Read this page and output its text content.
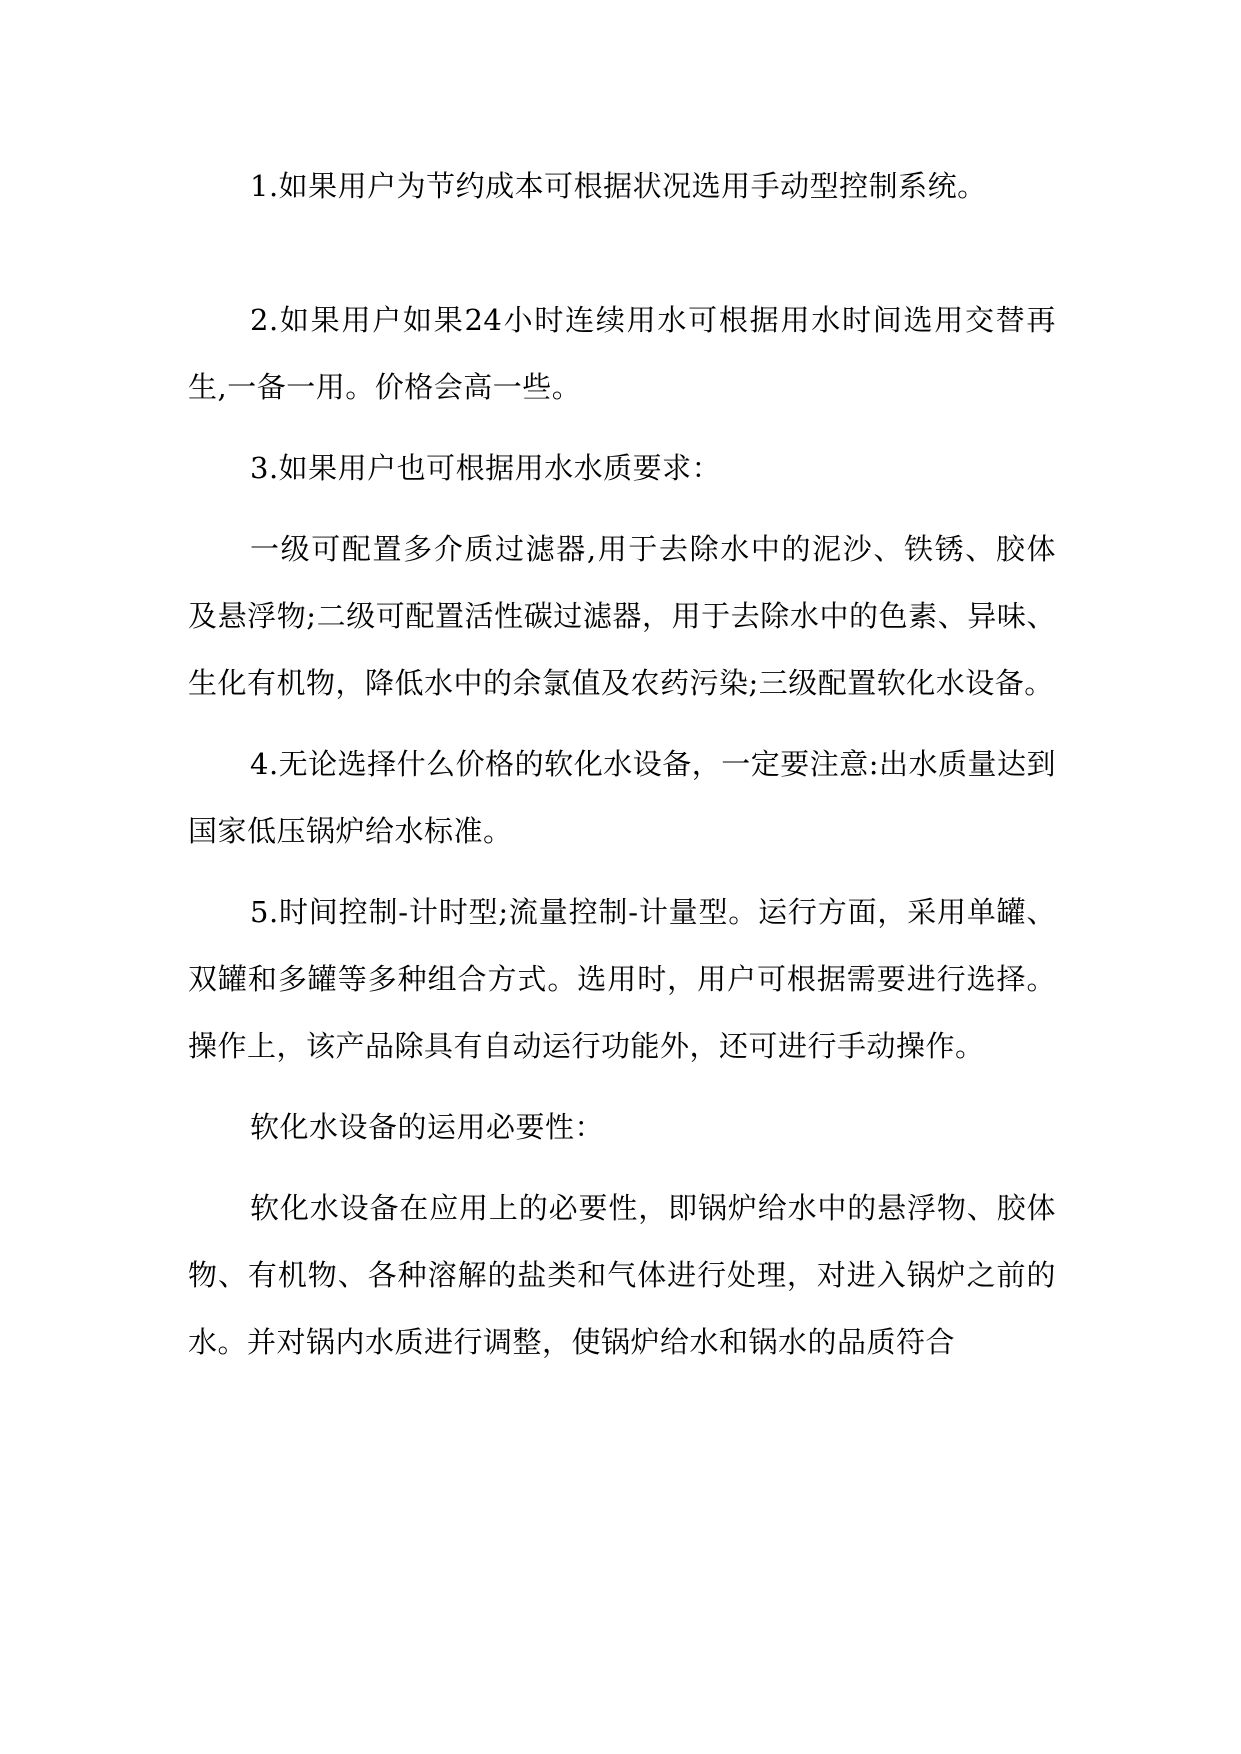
1.如果用户为节约成本可根据状况选用手动型控制系统。

2.如果用户如果24小时连续用水可根据用水时间选用交替再生,一备一用。价格会高一些。

3.如果用户也可根据用水水质要求：

一级可配置多介质过滤器,用于去除水中的泥沙、铁锈、胶体及悬浮物;二级可配置活性碳过滤器，用于去除水中的色素、异味、生化有机物，降低水中的余氯值及农药污染;三级配置软化水设备。

4.无论选择什么价格的软化水设备，一定要注意:出水质量达到国家低压锅炉给水标准。

5.时间控制-计时型;流量控制-计量型。运行方面，采用单罐、双罐和多罐等多种组合方式。选用时，用户可根据需要进行选择。操作上，该产品除具有自动运行功能外，还可进行手动操作。

软化水设备的运用必要性：

软化水设备在应用上的必要性，即锅炉给水中的悬浮物、胶体物、有机物、各种溶解的盐类和气体进行处理，对进入锅炉之前的水。并对锅内水质进行调整，使锅炉给水和锅水的品质符合
